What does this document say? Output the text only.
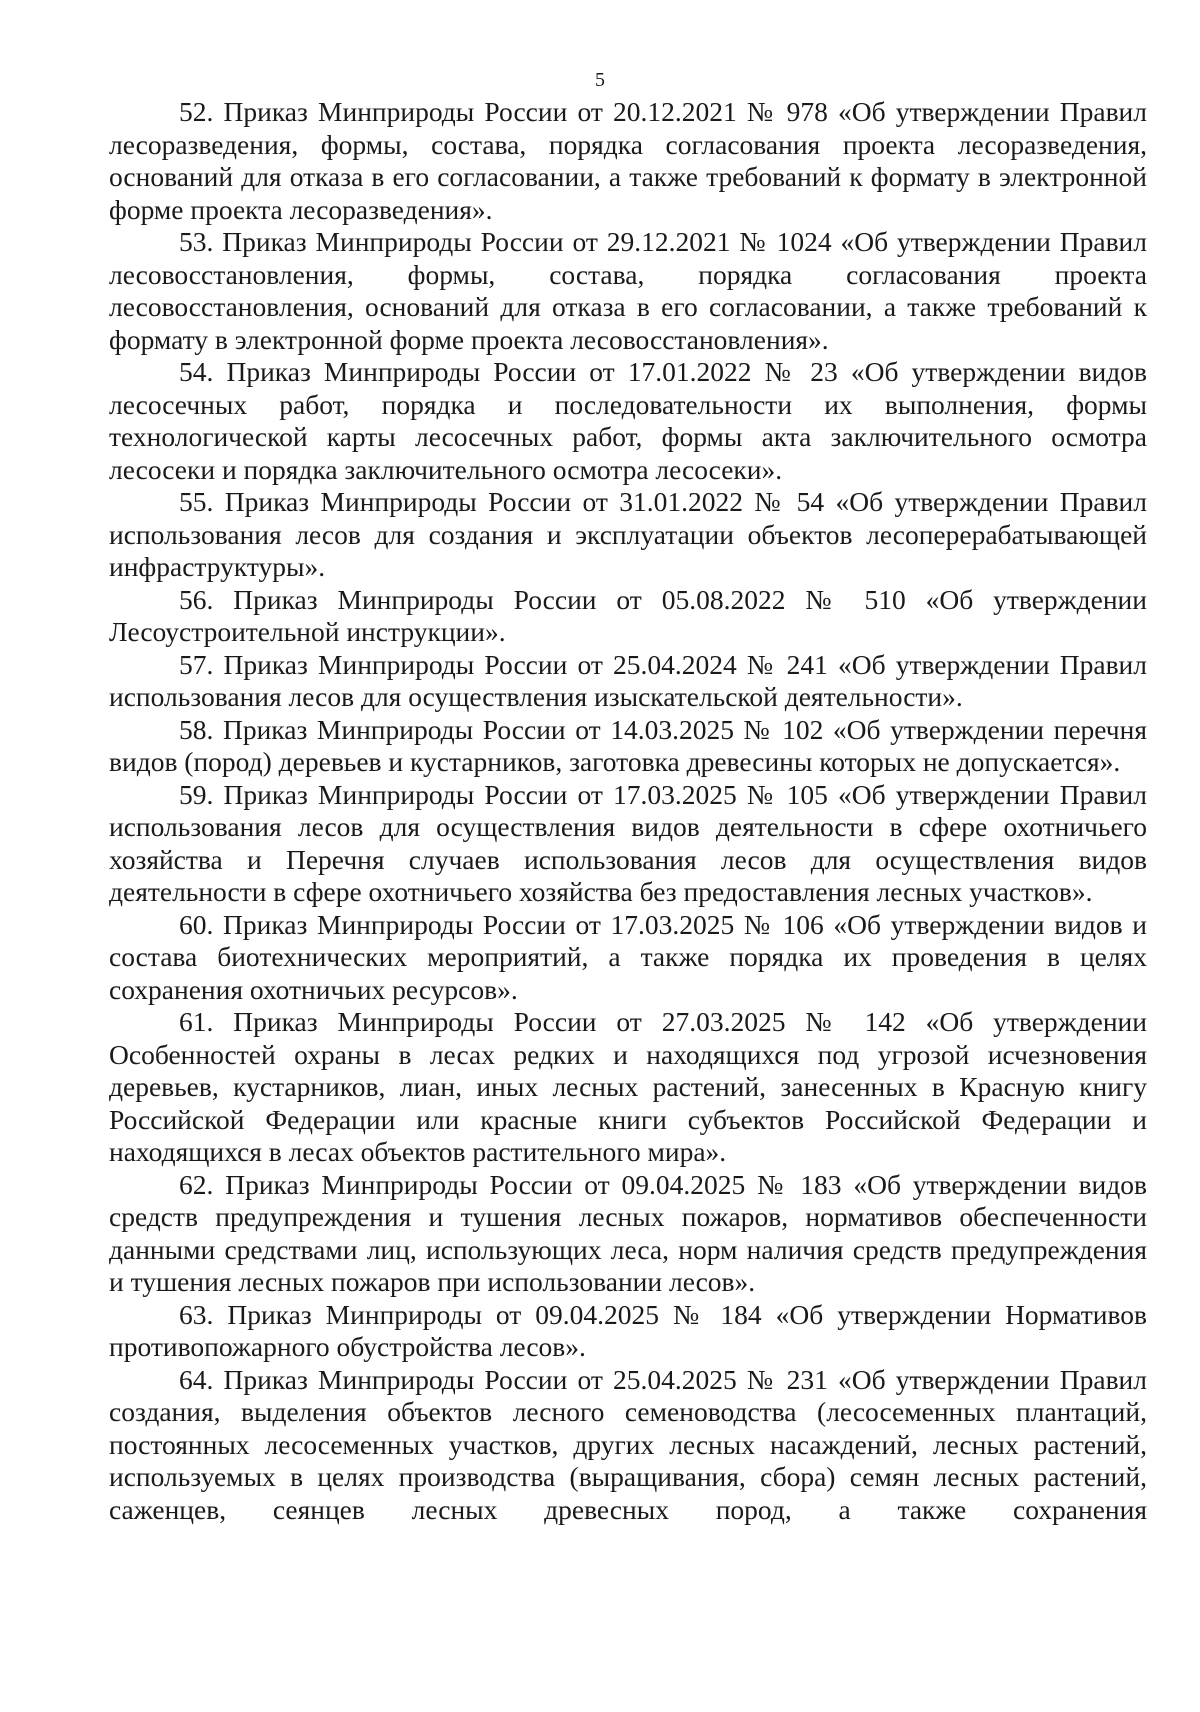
5

52. Приказ Минприроды России от 20.12.2021 № 978 «Об утверждении Правил лесоразведения, формы, состава, порядка согласования проекта лесоразведения, оснований для отказа в его согласовании, а также требований к формату в электронной форме проекта лесоразведения».

53. Приказ Минприроды России от 29.12.2021 № 1024 «Об утверждении Правил лесовосстановления, формы, состава, порядка согласования проекта лесовосстановления, оснований для отказа в его согласовании, а также требований к формату в электронной форме проекта лесовосстановления».

54. Приказ Минприроды России от 17.01.2022 № 23 «Об утверждении видов лесосечных работ, порядка и последовательности их выполнения, формы технологической карты лесосечных работ, формы акта заключительного осмотра лесосеки и порядка заключительного осмотра лесосеки».

55. Приказ Минприроды России от 31.01.2022 № 54 «Об утверждении Правил использования лесов для создания и эксплуатации объектов лесоперерабатывающей инфраструктуры».

56. Приказ Минприроды России от 05.08.2022 № 510 «Об утверждении Лесоустроительной инструкции».

57. Приказ Минприроды России от 25.04.2024 № 241 «Об утверждении Правил использования лесов для осуществления изыскательской деятельности».

58. Приказ Минприроды России от 14.03.2025 № 102 «Об утверждении перечня видов (пород) деревьев и кустарников, заготовка древесины которых не допускается».

59. Приказ Минприроды России от 17.03.2025 № 105 «Об утверждении Правил использования лесов для осуществления видов деятельности в сфере охотничьего хозяйства и Перечня случаев использования лесов для осуществления видов деятельности в сфере охотничьего хозяйства без предоставления лесных участков».

60. Приказ Минприроды России от 17.03.2025 № 106 «Об утверждении видов и состава биотехнических мероприятий, а также порядка их проведения в целях сохранения охотничьих ресурсов».

61. Приказ Минприроды России от 27.03.2025 № 142 «Об утверждении Особенностей охраны в лесах редких и находящихся под угрозой исчезновения деревьев, кустарников, лиан, иных лесных растений, занесенных в Красную книгу Российской Федерации или красные книги субъектов Российской Федерации и находящихся в лесах объектов растительного мира».

62. Приказ Минприроды России от 09.04.2025 № 183 «Об утверждении видов средств предупреждения и тушения лесных пожаров, нормативов обеспеченности данными средствами лиц, использующих леса, норм наличия средств предупреждения и тушения лесных пожаров при использовании лесов».

63. Приказ Минприроды от 09.04.2025 № 184 «Об утверждении Нормативов противопожарного обустройства лесов».

64. Приказ Минприроды России от 25.04.2025 № 231 «Об утверждении Правил создания, выделения объектов лесного семеноводства (лесосеменных плантаций, постоянных лесосеменных участков, других лесных насаждений, лесных растений, используемых в целях производства (выращивания, сбора) семян лесных растений, саженцев, сеянцев лесных древесных пород, а также сохранения
